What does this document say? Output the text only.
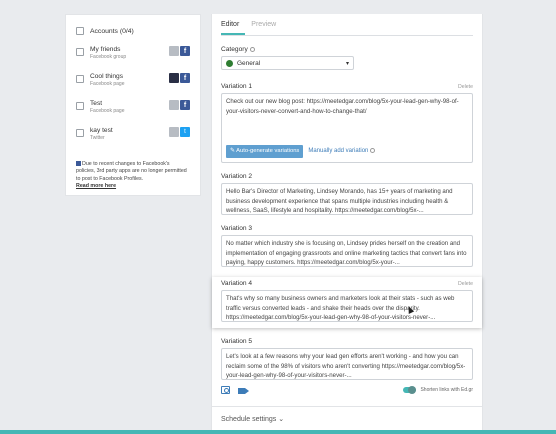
Accounts (0/4)
My friends
Facebook group
f
Cool things
Facebook page
f
Test
Facebook page
f
kay test
Twitter
t
Due to recent changes to Facebook's policies, 3rd party apps are no longer permitted to post to Facebook Profiles.
Read more here
Editor	Preview
Category
General	▾
Variation 1	Delete
Check out our new blog post: https://meetedgar.com/blog/5x-your-lead-gen-why-98-of-your-visitors-never-convert-and-how-to-change-that/
✎ Auto-generate variations	Manually add variation
Variation 2
Hello Bar's Director of Marketing, Lindsey Morando, has 15+ years of marketing and business development experience that spans multiple industries including health & wellness, SaaS, lifestyle and hospitality. https://meetedgar.com/blog/5x-...
Variation 3
No matter which industry she is focusing on, Lindsey prides herself on the creation and implementation of engaging grassroots and online marketing tactics that convert fans into paying, happy customers. https://meetedgar.com/blog/5x-your-...
Variation 4	Delete
That's why so many business owners and marketers look at their stats - such as web traffic versus converted leads - and shake their heads over the disparity. https://meetedgar.com/blog/5x-your-lead-gen-why-98-of-your-visitors-never-...
Variation 5
Let's look at a few reasons why your lead gen efforts aren't working - and how you can reclaim some of the 98% of visitors who aren't converting https://meetedgar.com/blog/5x-your-lead-gen-why-98-of-your-visitors-never-...
Shorten links with Ed.gr
Schedule settings ⌄
